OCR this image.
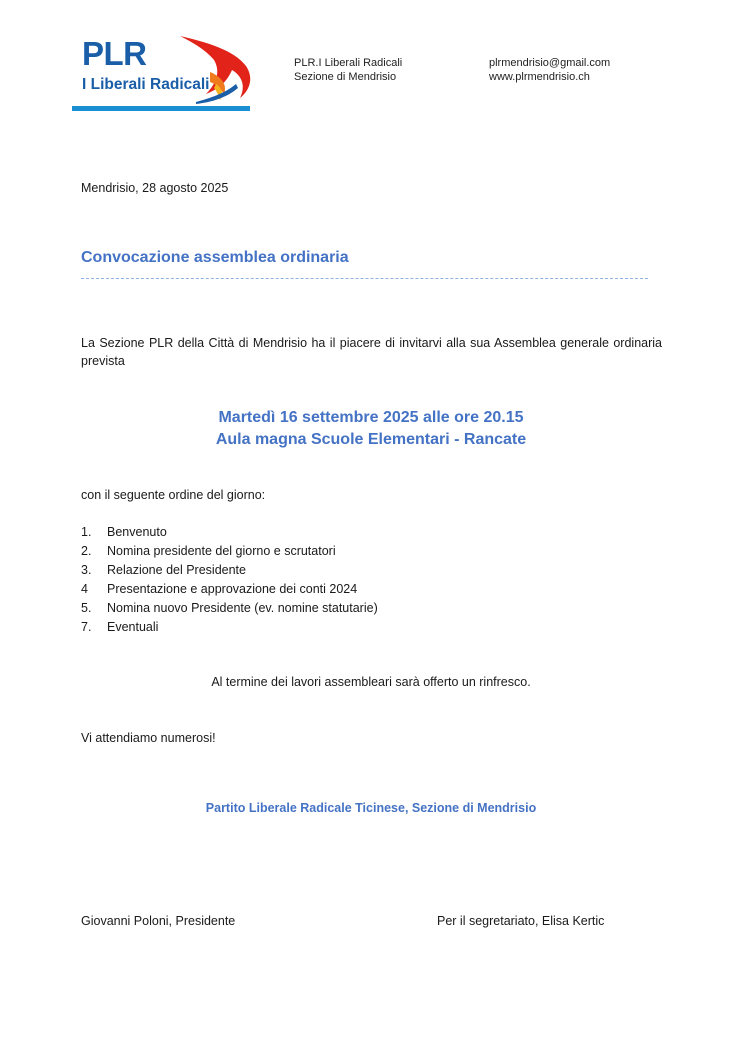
PLR
I Liberali Radicali
PLR.I Liberali Radicali
Sezione di Mendrisio
plrmendrisio@gmail.com
www.plrmendrisio.ch
Mendrisio, 28 agosto 2025
Convocazione assemblea ordinaria
La Sezione PLR della Città di Mendrisio ha il piacere di invitarvi alla sua Assemblea generale ordinaria prevista
Martedì 16 settembre 2025 alle ore 20.15
Aula magna Scuole Elementari - Rancate
con il seguente ordine del giorno:
1.	Benvenuto
2.	Nomina presidente del giorno e scrutatori
3.	Relazione del Presidente
4	Presentazione e approvazione dei conti 2024
5.	Nomina nuovo Presidente (ev. nomine statutarie)
7.	Eventuali
Al termine dei lavori assembleari sarà offerto un rinfresco.
Vi attendiamo numerosi!
Partito Liberale Radicale Ticinese, Sezione di Mendrisio
Giovanni Poloni, Presidente	Per il segretariato, Elisa Kertic
